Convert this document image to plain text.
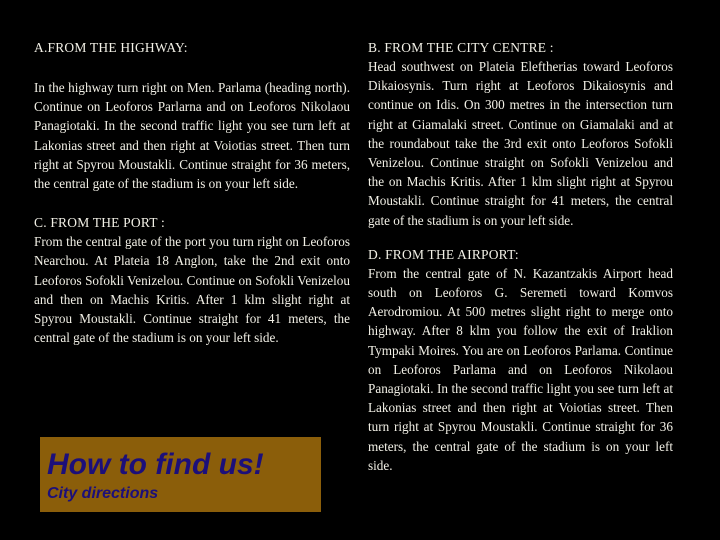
A.FROM THE HIGHWAY:

In the highway turn right on Men. Parlama (heading north). Continue on Leoforos Parlarna and on Leoforos Nikolaou Panagiotaki. In the second traffic light you see turn left at Lakonias street and then right at Voiotias street. Then turn right at Spyrou Moustakli. Continue straight for 36 meters, the central gate of the stadium is on your left side.

C. FROM THE PORT :

From the central gate of the port you turn right on Leoforos Nearchou. At Plateia 18 Anglon, take the 2nd exit onto Leoforos Sofokli Venizelou. Continue on Sofokli Venizelou and then on Machis Kritis. After 1 klm slight right at Spyrou Moustakli. Continue straight for 41 meters, the central gate of the stadium is on your left side.

B. FROM THE CITY CENTRE :

Head southwest on Plateia Eleftherias toward Leoforos Dikaiosynis. Turn right at Leoforos Dikaiosynis and continue on Idis. On 300 metres in the intersection turn right at Giamalaki street. Continue on Giamalaki and at the roundabout take the 3rd exit onto Leoforos Sofokli Venizelou. Continue straight on Sofokli Venizelou and the on Machis Kritis. After 1 klm slight right at Spyrou Moustakli. Continue straight for 41 meters, the central gate of the stadium is on your left side.

D. FROM THE AIRPORT:

From the central gate of N. Kazantzakis Airport head south on Leoforos G. Seremeti toward Komvos Aerodromiou. At 500 metres slight right to merge onto highway. After 8 klm you follow the exit of Iraklion Tympaki Moires. You are on Leoforos Parlama. Continue on Leoforos Parlama and on Leoforos Nikolaou Panagiotaki. In the second traffic light you see turn left at Lakonias street and then right at Voiotias street. Then turn right at Spyrou Moustakli. Continue straight for 36 meters, the central gate of the stadium is on your left side.

How to find us!

City directions
